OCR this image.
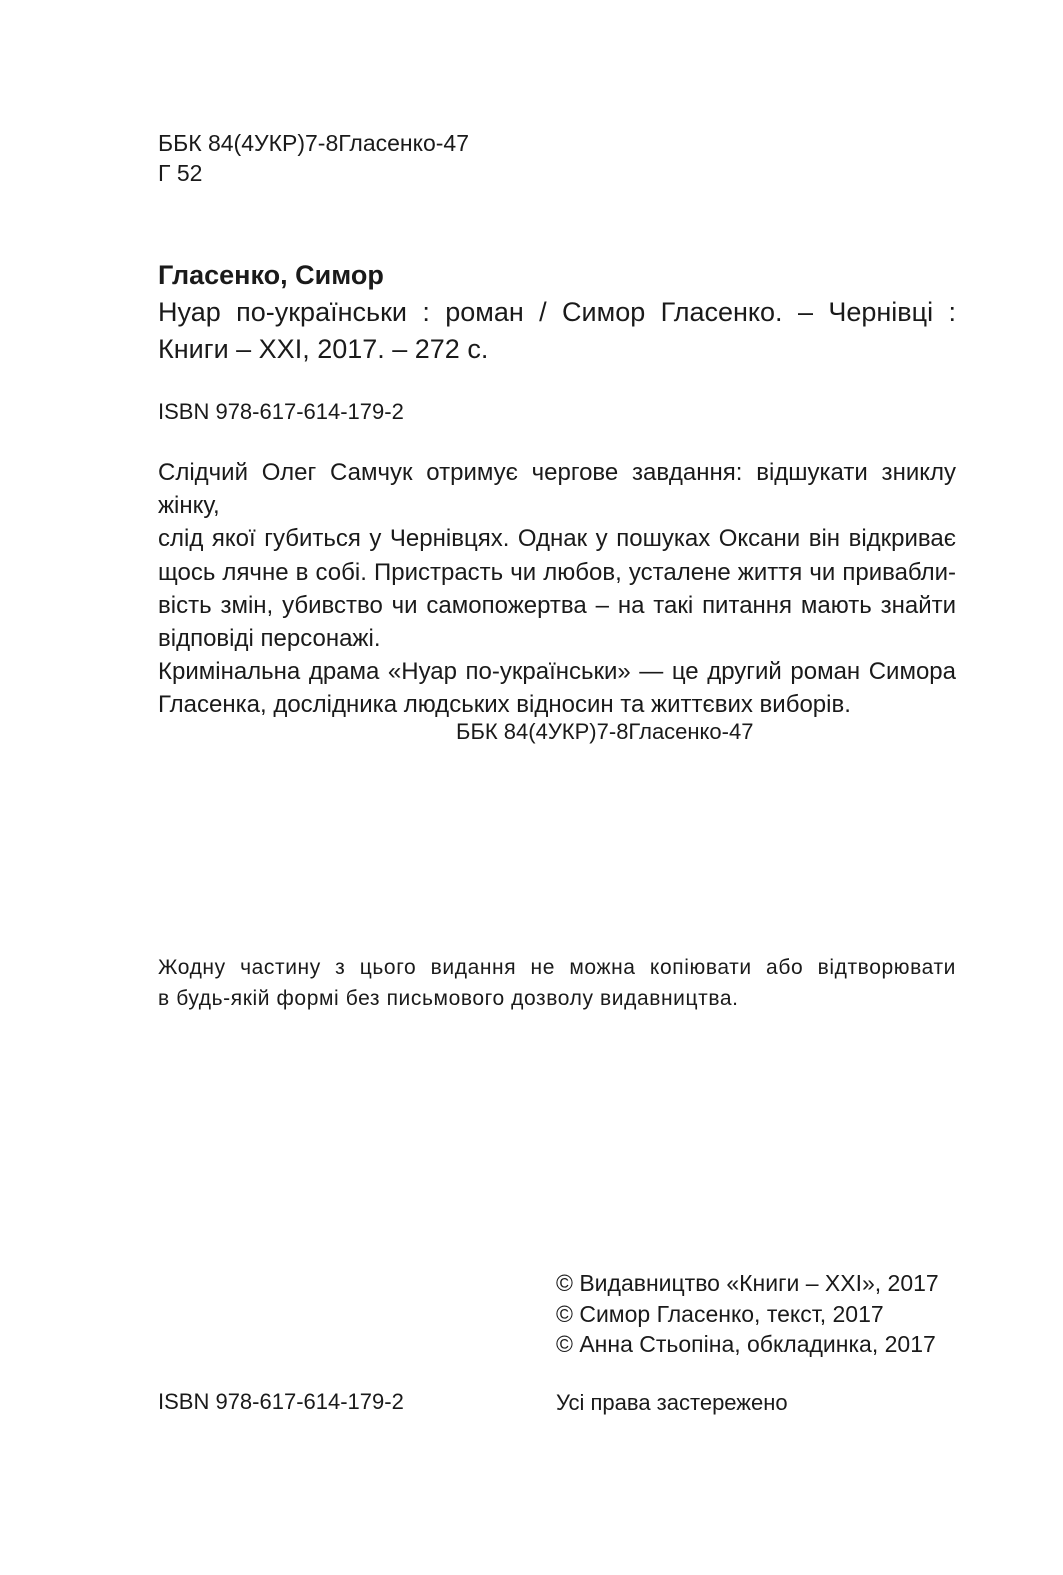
ББК 84(4УКР)7-8Гласенко-47
Г 52
Гласенко, Симор
Нуар по-українськи : роман / Симор Гласенко. – Чернівці :
Книги – ХХІ, 2017. – 272 с.
ISBN 978-617-614-179-2
Слідчий Олег Самчук отримує чергове завдання: відшукати зниклу жінку,
слід якої губиться у Чернівцях. Однак у пошуках Оксани він відкриває
щось лячне в собі. Пристрасть чи любов, усталене життя чи привабли-
вість змін, убивство чи самопожертва – на такі питання мають знайти
відповіді персонажі.
Кримінальна драма «Нуар по-українськи» — це другий роман Симора
Гласенка, дослідника людських відносин та життєвих виборів.
ББК 84(4УКР)7-8Гласенко-47
Жодну частину з цього видання не можна копіювати або відтворювати
в будь-якій формі без письмового дозволу видавництва.
© Видавництво «Книги – ХХІ», 2017
© Симор Гласенко, текст, 2017
© Анна Стьопіна, обкладинка, 2017
ISBN 978-617-614-179-2	Усі права застережено
